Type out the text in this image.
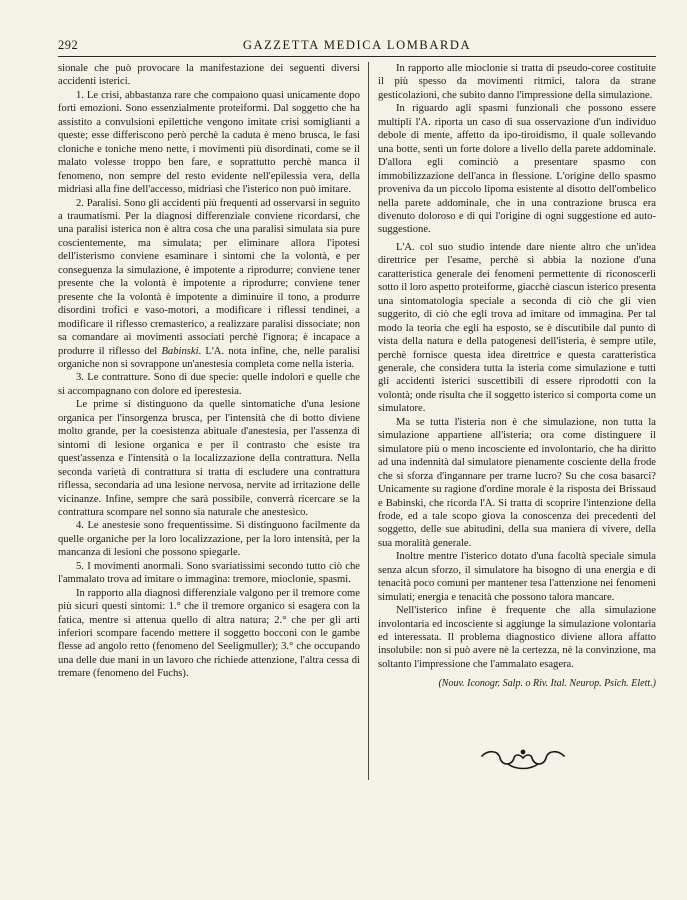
292	GAZZETTA MEDICA LOMBARDA

sionale che può provocare la manifestazione dei seguenti diversi accidenti isterici.

1. Le crisi, abbastanza rare che compaiono quasi unicamente dopo forti emozioni. Sono essenzialmente proteiformi. Dal soggetto che ha assistito a convulsioni epilettiche vengono imitate crisi somiglianti a queste; esse differiscono però perchè la caduta è meno brusca, le fasi cloniche e toniche meno nette, i movimenti più disordinati, come se il malato volesse troppo ben fare, e soprattutto perchè manca il fenomeno, non sempre del resto evidente nell'epilessia vera, della midriasi alla fine dell'accesso, midriasi che l'isterico non può imitare.

2. Paralisi. Sono gli accidenti più frequenti ad osservarsi in seguito a traumatismi. Per la diagnosi differenziale conviene ricordarsi, che una paralisi isterica non è altra cosa che una paralisi simulata sia pure coscientemente, ma simulata; per eliminare allora l'ipotesi dell'isterismo conviene esaminare i sintomi che la volontà, e per conseguenza la simulazione, è impotente a riprodurre; conviene tener presente che la volontà è impotente a riprodurre; conviene tener presente che la volontà è impotente a diminuire il tono, a produrre disordini trofici e vaso-motori, a modificare i riflessi tendinei, a modificare il riflesso cremasterico, a realizzare paralisi dissociate; non sa comandare ai movimenti associati perchè l'ignora; è incapace a produrre il riflesso del Babinski. L'A. nota infine, che, nelle paralisi organiche non si sovrappone un'anestesia completa come nella isteria.

3. Le contratture. Sono di due specie: quelle indolori e quelle che si accompagnano con dolore ed iperestesia.

Le prime si distinguono da quelle sintomatiche d'una lesione organica per l'insorgenza brusca, per l'intensità che di botto diviene molto grande, per la coesistenza abituale d'anestesia, per l'assenza di sintomi di lesione organica e per il contrasto che esiste tra quest'assenza e l'intensità o la localizzazione della contrattura. Nella seconda varietà di contrattura si tratta di escludere una contrattura riflessa, secondaria ad una lesione nervosa, nervite ad irritazione delle vicinanze. Infine, sempre che sarà possibile, converrà ricercare se la contrattura scompare nel sonno sia naturale che anestesico.

4. Le anestesie sono frequentissime. Si distinguono facilmente da quelle organiche per la loro localizzazione, per la loro intensità, per la mancanza di lesioni che possono spiegarle.

5. I movimenti anormali. Sono svariatissimi secondo tutto ciò che l'ammalato trova ad imitare o immagina: tremore, mioclonie, spasmi.

In rapporto alla diagnosi differenziale valgono per il tremore come più sicuri questi sintomi: 1.° che il tremore organico si esagera con la fatica, mentre si attenua quello di altra natura; 2.° che per gli arti inferiori scompare facendo mettere il soggetto bocconi con le gambe flesse ad angolo retto (fenomeno del Seeligmuller); 3.° che occupando una delle due mani in un lavoro che richiede attenzione, l'altra cessa di tremare (fenomeno del Fuchs).

In rapporto alle mioclonie si tratta di pseudo-coree costituite il più spesso da movimenti ritmici, talora da strane gesticolazioni, che subito danno l'impressione della simulazione.

In riguardo agli spasmi funzionali che possono essere multipli l'A. riporta un caso di sua osservazione d'un individuo debole di mente, affetto da ipo-tiroidismo, il quale sollevando una botte, sentì un forte dolore a livello della parete addominale. D'allora egli cominciò a presentare spasmo con immobilizzazione dell'anca in flessione. L'origine dello spasmo proveniva da un piccolo lipoma esistente al disotto dell'ombelico nella parete addominale, che in una contrazione brusca era divenuto doloroso e di qui l'origine di ogni suggestione ed auto-suggestione.

L'A. col suo studio intende dare niente altro che un'idea direttrice per l'esame, perchè si abbia la nozione d'una caratteristica generale dei fenomeni permettente di riconoscerli sotto il loro aspetto proteiforme, giacchè ciascun isterico presenta una sintomatologia speciale a seconda di ciò che gli vien suggerito, di ciò che egli trova ad imitare od immagina. Per tal modo la teoria che egli ha esposto, se è discutibile dal punto di vista della natura e della patogenesi dell'isteria, è sempre utile, perchè fornisce questa idea direttrice e questa caratteristica generale, che considera tutta la isteria come simulazione e tutti gli accidenti isterici suscettibili di essere riprodotti con la volontà; onde risulta che il soggetto isterico si comporta come un simulatore.

Ma se tutta l'isteria non è che simulazione, non tutta la simulazione appartiene all'isteria; ora come distinguere il simulatore più o meno incosciente ed involontario, che ha diritto ad una indennità dal simulatore pienamente cosciente della frode che si sforza d'ingannare per trarne lucro? Su che cosa basarci? Unicamente su ragione d'ordine morale è la risposta dei Brissaud e Babinski, che ricorda l'A. Si tratta di scoprire l'intenzione della frode, ed a tale scopo giova la conoscenza dei precedenti del soggetto, delle sue abitudini, della sua maniera di vivere, della sua moralità generale.

Inoltre mentre l'isterico dotato d'una facoltà speciale simula senza alcun sforzo, il simulatore ha bisogno di una energia e di tenacità poco comuni per mantener tesa l'attenzione nei fenomeni simulati; energia e tenacità che possono talora mancare.

Nell'isterico infine è frequente che alla simulazione involontaria ed incosciente si aggiunge la simulazione volontaria ed interessata. Il problema diagnostico diviene allora affatto insolubile: non si può avere nè la certezza, nè la convinzione, ma soltanto l'impressione che l'ammalato esagera.

(Nouv. Iconogr. Salp. o Riv. Ital. Neurop. Psich. Elett.)
